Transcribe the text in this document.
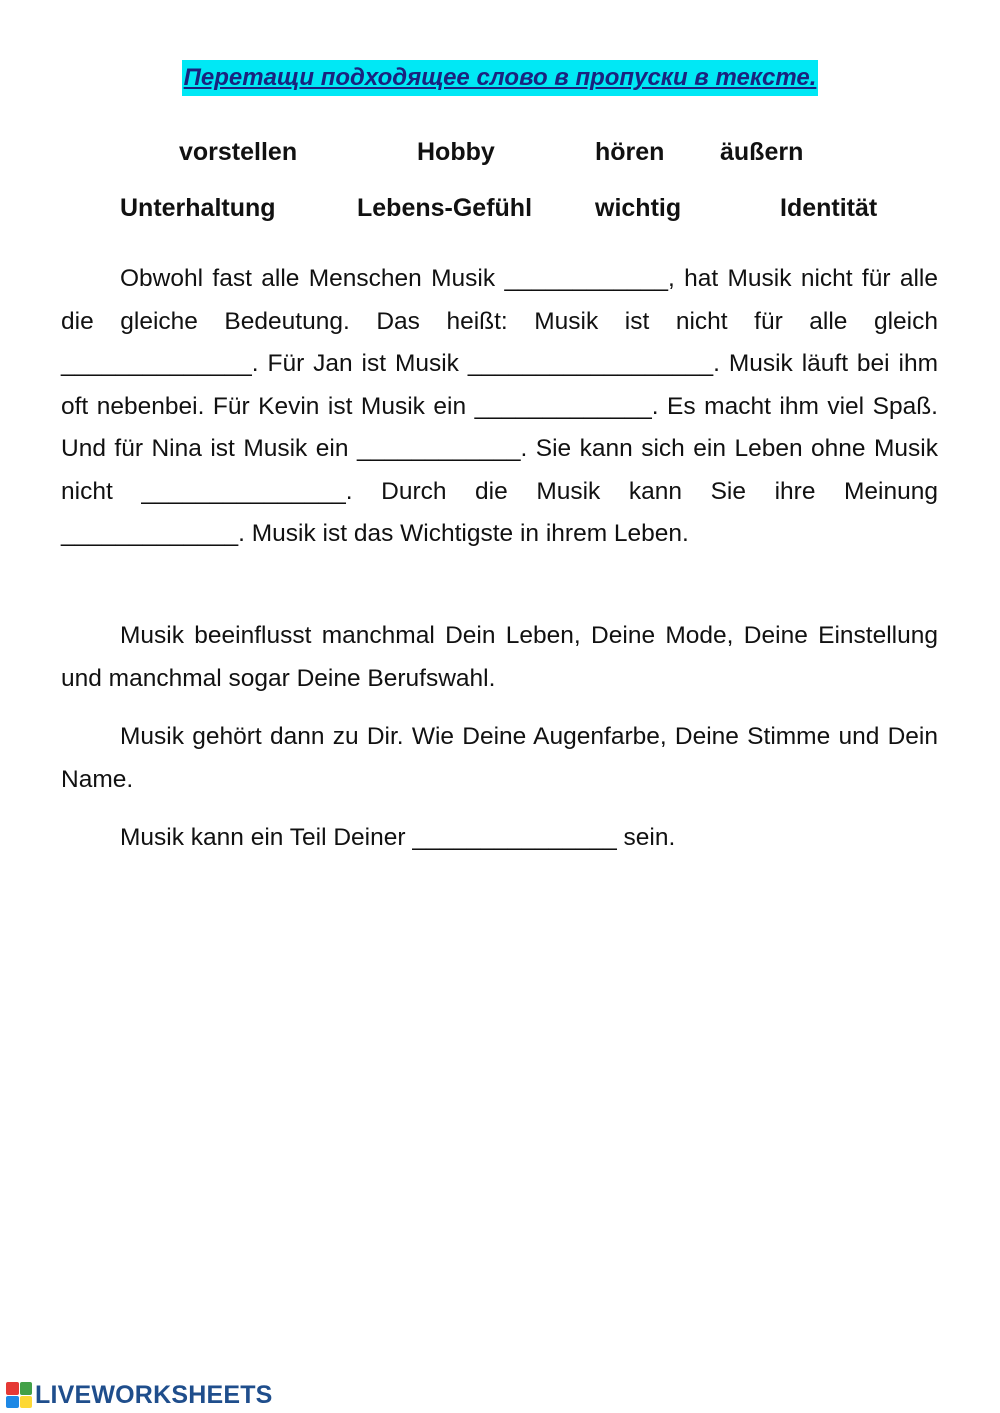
Перетащи подходящее слово в пропуски в тексте.
vorstellen	Hobby	hören äußern
Unterhaltung	Lebens-Gefühl	wichtig	Identität

Obwohl fast alle Menschen Musik ____________, hat Musik nicht für alle die gleiche Bedeutung. Das heißt: Musik ist nicht für alle gleich ______________. Für Jan ist Musik __________________. Musik läuft bei ihm oft nebenbei. Für Kevin ist Musik ein _____________. Es macht ihm viel Spaß. Und für Nina ist Musik ein ____________. Sie kann sich ein Leben ohne Musik nicht _______________. Durch die Musik kann Sie ihre Meinung _____________. Musik ist das Wichtigste in ihrem Leben.

Musik beeinflusst manchmal Dein Leben, Deine Mode, Deine Einstellung und manchmal sogar Deine Berufswahl.

Musik gehört dann zu Dir. Wie Deine Augenfarbe, Deine Stimme und Dein Name.

Musik kann ein Teil Deiner _______________ sein.

LIVEWORKSHEETS
